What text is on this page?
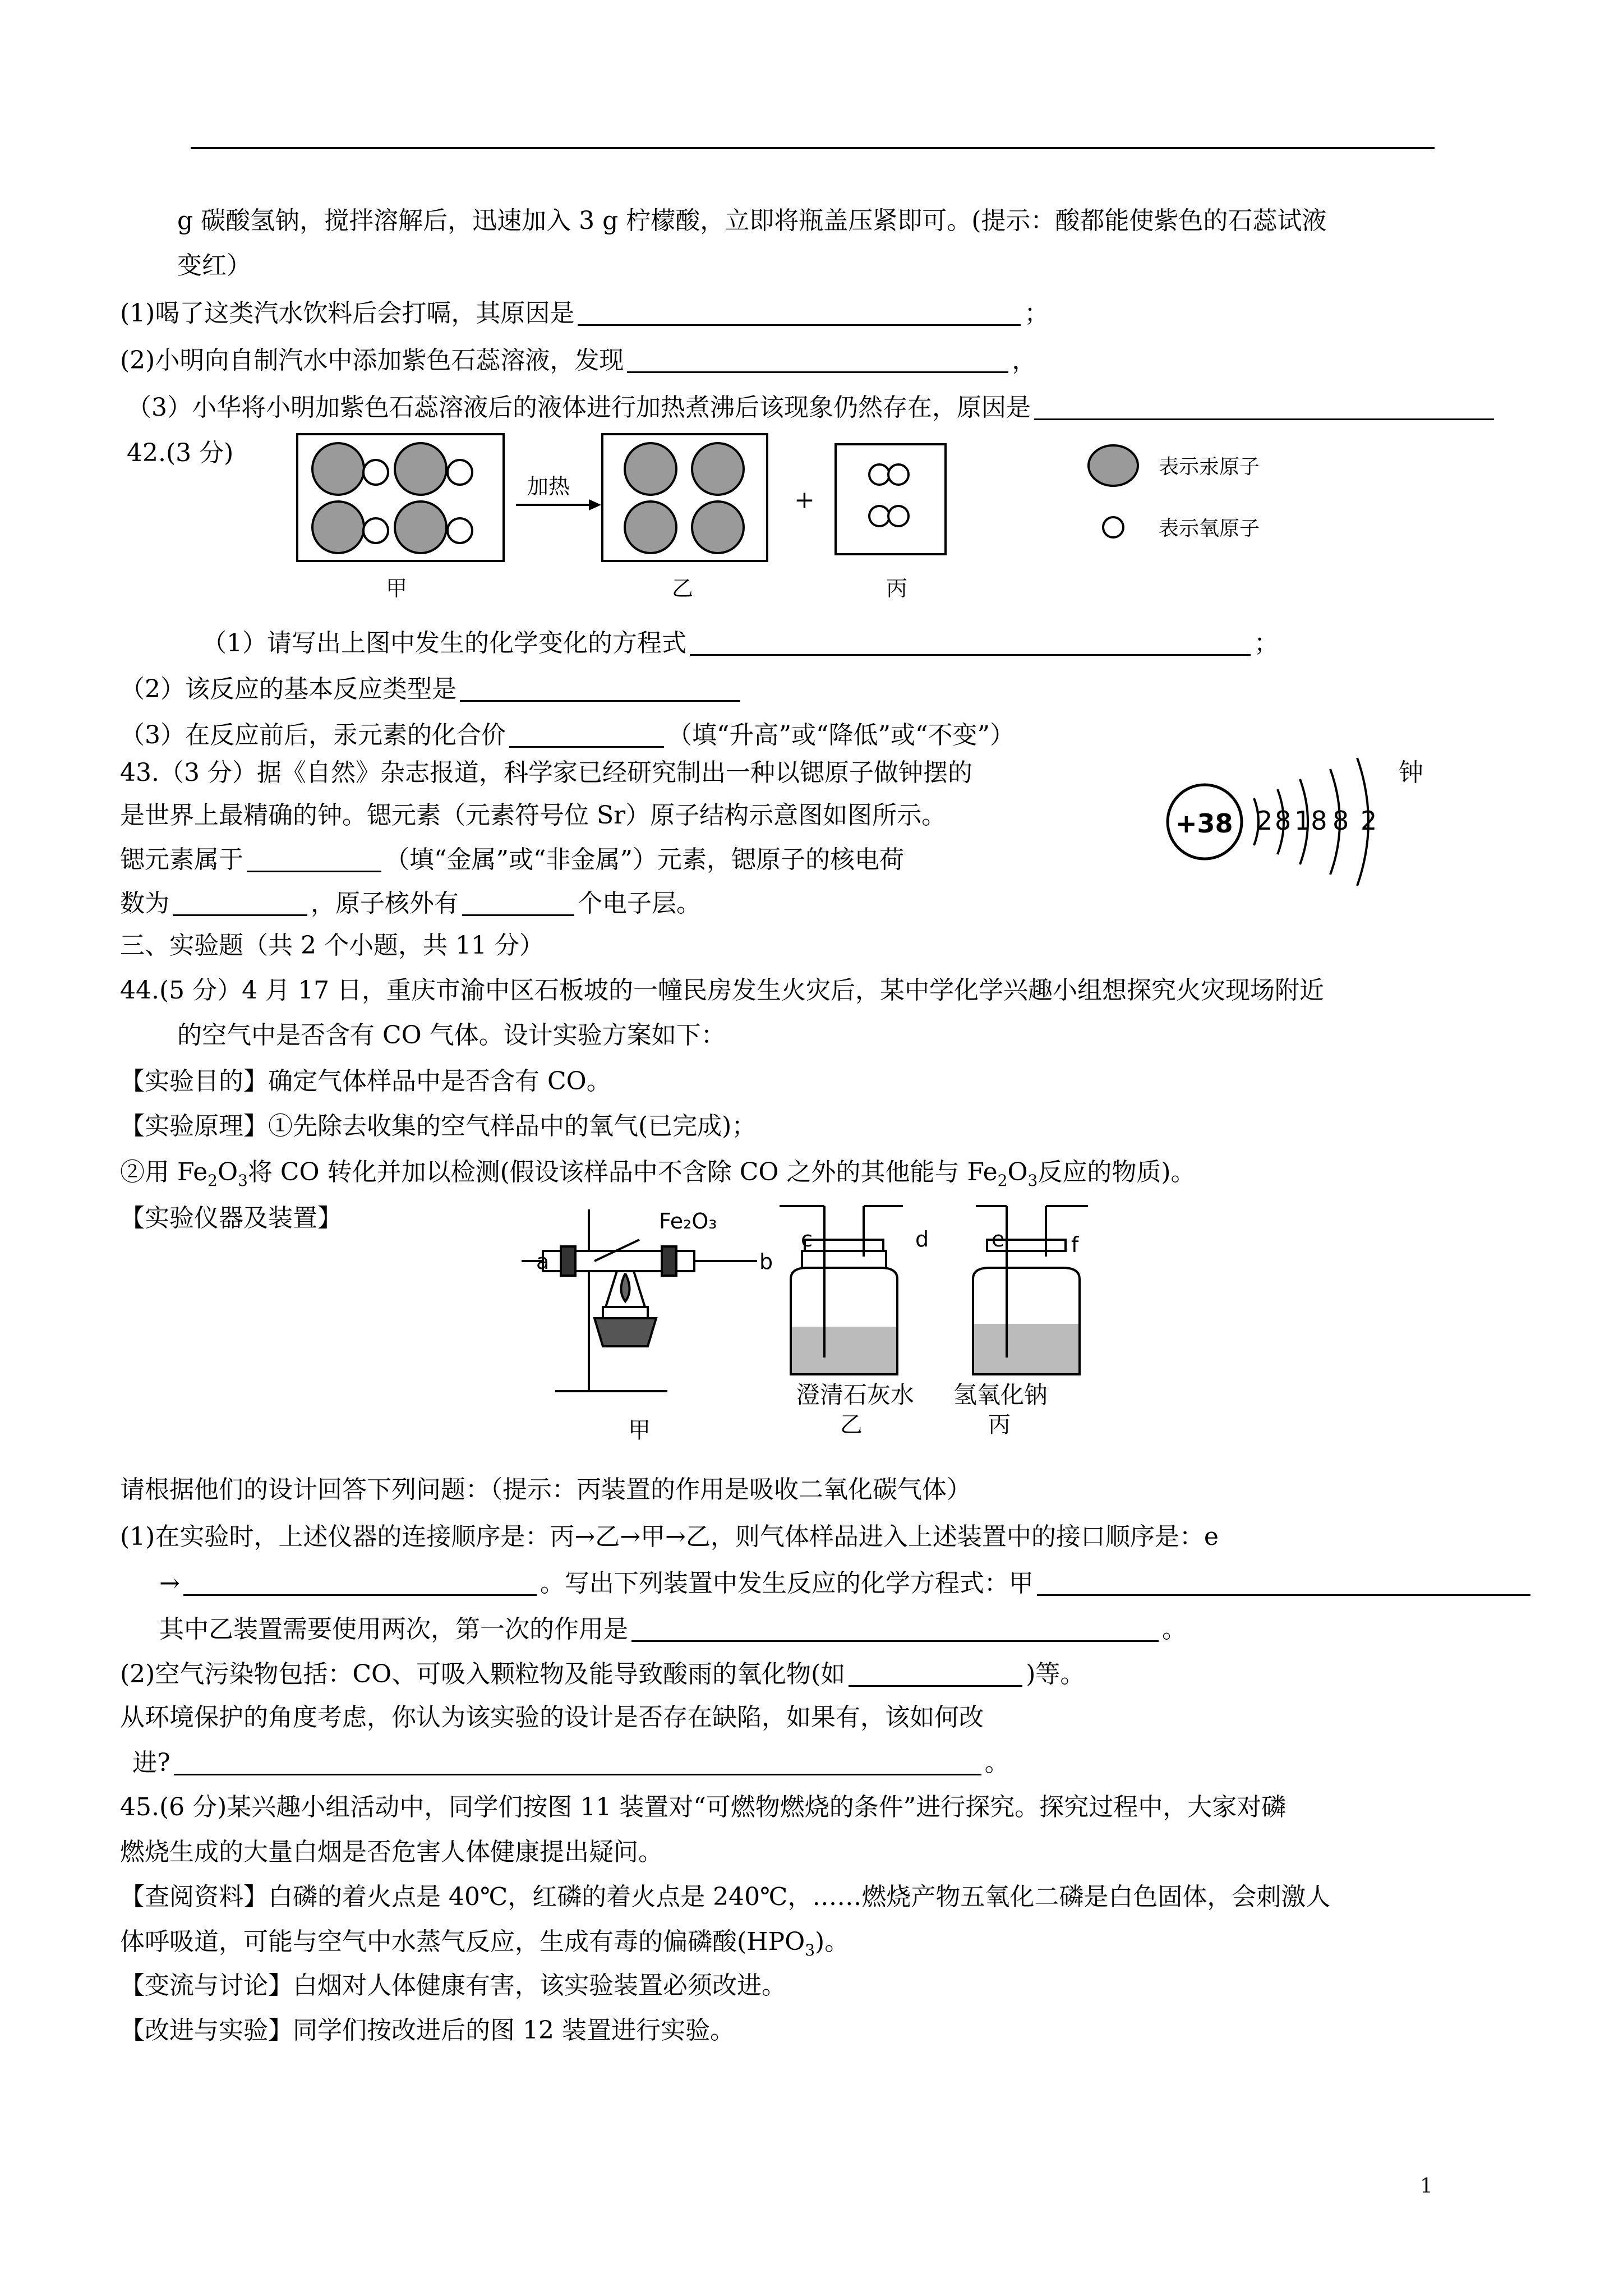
g 碳酸氢钠，搅拌溶解后，迅速加入 3 g 柠檬酸，立即将瓶盖压紧即可。(提示：酸都能使紫色的石蕊试液
变红）
(1)喝了这类汽水饮料后会打嗝，其原因是	；
(2)小明向自制汽水中添加紫色石蕊溶液，发现	，
（3）小华将小明加紫色石蕊溶液后的液体进行加热煮沸后该现象仍然存在，原因是
42.(3 分)
加热	+
表示汞原子
表示氧原子
甲	乙	丙
（1）请写出上图中发生的化学变化的方程式	；
（2）该反应的基本反应类型是
（3）在反应前后，汞元素的化合价	（填“升高”或“降低”或“不变”）
43.（3 分）据《自然》杂志报道，科学家已经研究制出一种以锶原子做钟摆的	钟
是世界上最精确的钟。锶元素（元素符号位 Sr）原子结构示意图如图所示。
锶元素属于	（填“金属”或“非金属”）元素，锶原子的核电荷
数为	，原子核外有	个电子层。
+38 2 8 18 8 2
三、实验题（共 2 个小题，共 11 分）
44.(5 分）4 月 17 日，重庆市渝中区石板坡的一幢民房发生火灾后，某中学化学兴趣小组想探究火灾现场附近
的空气中是否含有 CO 气体。设计实验方案如下：
【实验目的】确定气体样品中是否含有 CO。
【实验原理】①先除去收集的空气样品中的氧气(已完成)；
②用 $Fe_2O_3$将 CO 转化并加以检测(假设该样品中不含除 CO 之外的其他能与 $Fe_2O_3$反应的物质)。
【实验仪器及装置】	Fe₂O₃
a	b
c	d	e	f
澄清石灰水 氢氧化钠
甲	乙	丙
请根据他们的设计回答下列问题：（提示：丙装置的作用是吸收二氧化碳气体）
(1)在实验时，上述仪器的连接顺序是：丙→乙→甲→乙，则气体样品进入上述装置中的接口顺序是：e
→	。写出下列装置中发生反应的化学方程式：甲
其中乙装置需要使用两次，第一次的作用是	。
(2)空气污染物包括：CO、可吸入颗粒物及能导致酸雨的氧化物(如	)等。
从环境保护的角度考虑，你认为该实验的设计是否存在缺陷，如果有，该如何改
进?	。
45.(6 分)某兴趣小组活动中，同学们按图 11 装置对“可燃物燃烧的条件”进行探究。探究过程中，大家对磷
燃烧生成的大量白烟是否危害人体健康提出疑问。
【查阅资料】白磷的着火点是 40℃，红磷的着火点是 240℃，……燃烧产物五氧化二磷是白色固体，会刺激人
体呼吸道，可能与空气中水蒸气反应，生成有毒的偏磷酸$(HPO_3)$。
【变流与讨论】白烟对人体健康有害，该实验装置必须改进。
【改进与实验】同学们按改进后的图 12 装置进行实验。
1
